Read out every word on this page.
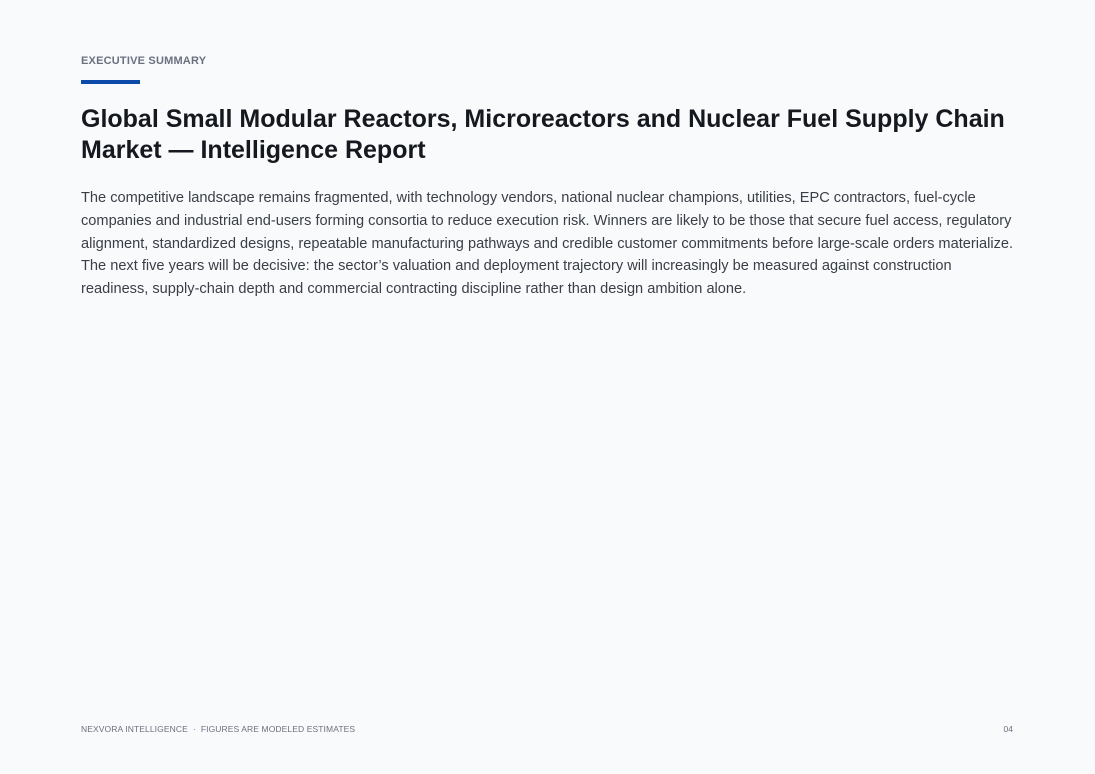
EXECUTIVE SUMMARY
Global Small Modular Reactors, Microreactors and Nuclear Fuel Supply Chain Market — Intelligence Report

The competitive landscape remains fragmented, with technology vendors, national nuclear champions, utilities, EPC contractors, fuel-cycle companies and industrial end-users forming consortia to reduce execution risk. Winners are likely to be those that secure fuel access, regulatory alignment, standardized designs, repeatable manufacturing pathways and credible customer commitments before large-scale orders materialize. The next five years will be decisive: the sector’s valuation and deployment trajectory will increasingly be measured against construction readiness, supply-chain depth and commercial contracting discipline rather than design ambition alone.

NEXVORA INTELLIGENCE · FIGURES ARE MODELED ESTIMATES	04
